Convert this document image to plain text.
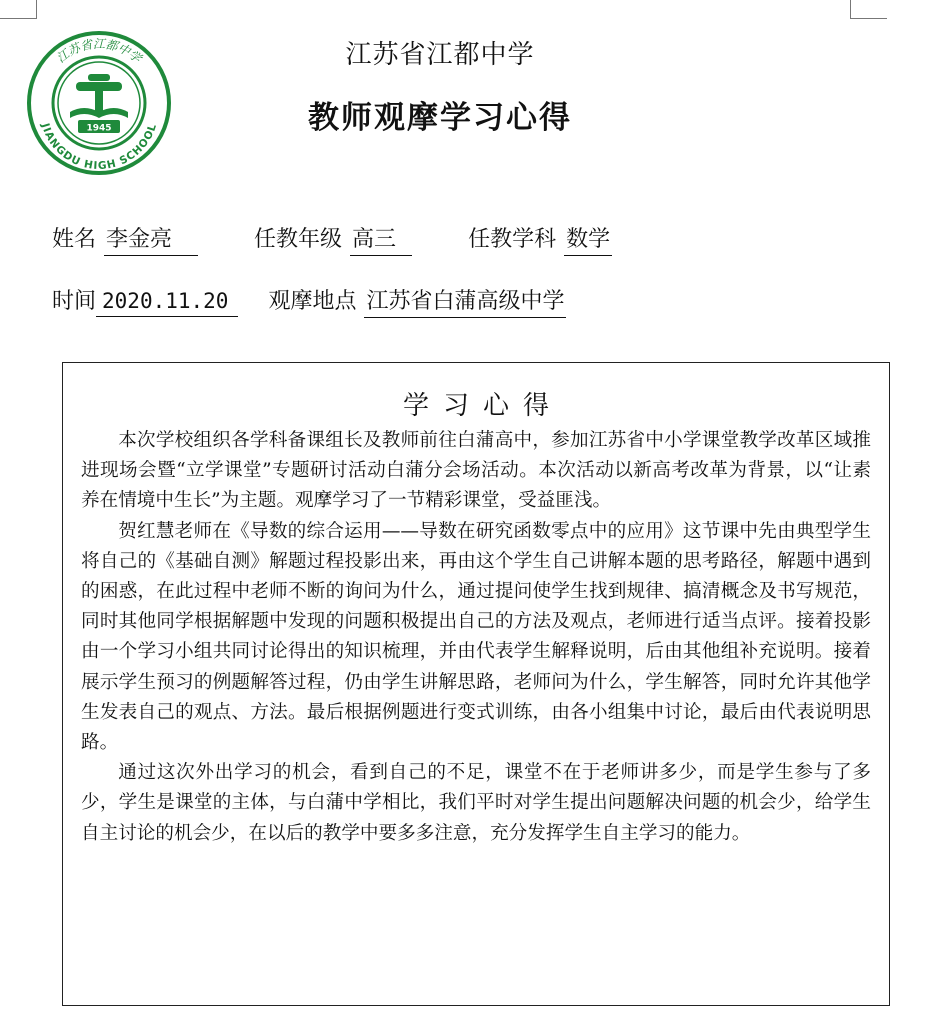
江苏省江都中学
JIANGDU HIGH SCHOOL
1945
江苏省江都中学
教师观摩学习心得
姓名 李金亮	任教年级 高三	任教学科 数学
时间 2020.11.20 观摩地点 江苏省白蒲高级中学
学习心得

本次学校组织各学科备课组长及教师前往白蒲高中，参加江苏省中小学课堂教学改革区域推进现场会暨“立学课堂”专题研讨活动白蒲分会场活动。本次活动以新高考改革为背景，以“让素养在情境中生长”为主题。观摩学习了一节精彩课堂，受益匪浅。

贺红慧老师在《导数的综合运用——导数在研究函数零点中的应用》这节课中先由典型学生将自己的《基础自测》解题过程投影出来，再由这个学生自己讲解本题的思考路径，解题中遇到的困惑，在此过程中老师不断的询问为什么，通过提问使学生找到规律、搞清概念及书写规范，同时其他同学根据解题中发现的问题积极提出自己的方法及观点，老师进行适当点评。接着投影由一个学习小组共同讨论得出的知识梳理，并由代表学生解释说明，后由其他组补充说明。接着展示学生预习的例题解答过程，仍由学生讲解思路，老师问为什么，学生解答，同时允许其他学生发表自己的观点、方法。最后根据例题进行变式训练，由各小组集中讨论，最后由代表说明思路。

通过这次外出学习的机会，看到自己的不足，课堂不在于老师讲多少，而是学生参与了多少，学生是课堂的主体，与白蒲中学相比，我们平时对学生提出问题解决问题的机会少，给学生自主讨论的机会少，在以后的教学中要多多注意，充分发挥学生自主学习的能力。
